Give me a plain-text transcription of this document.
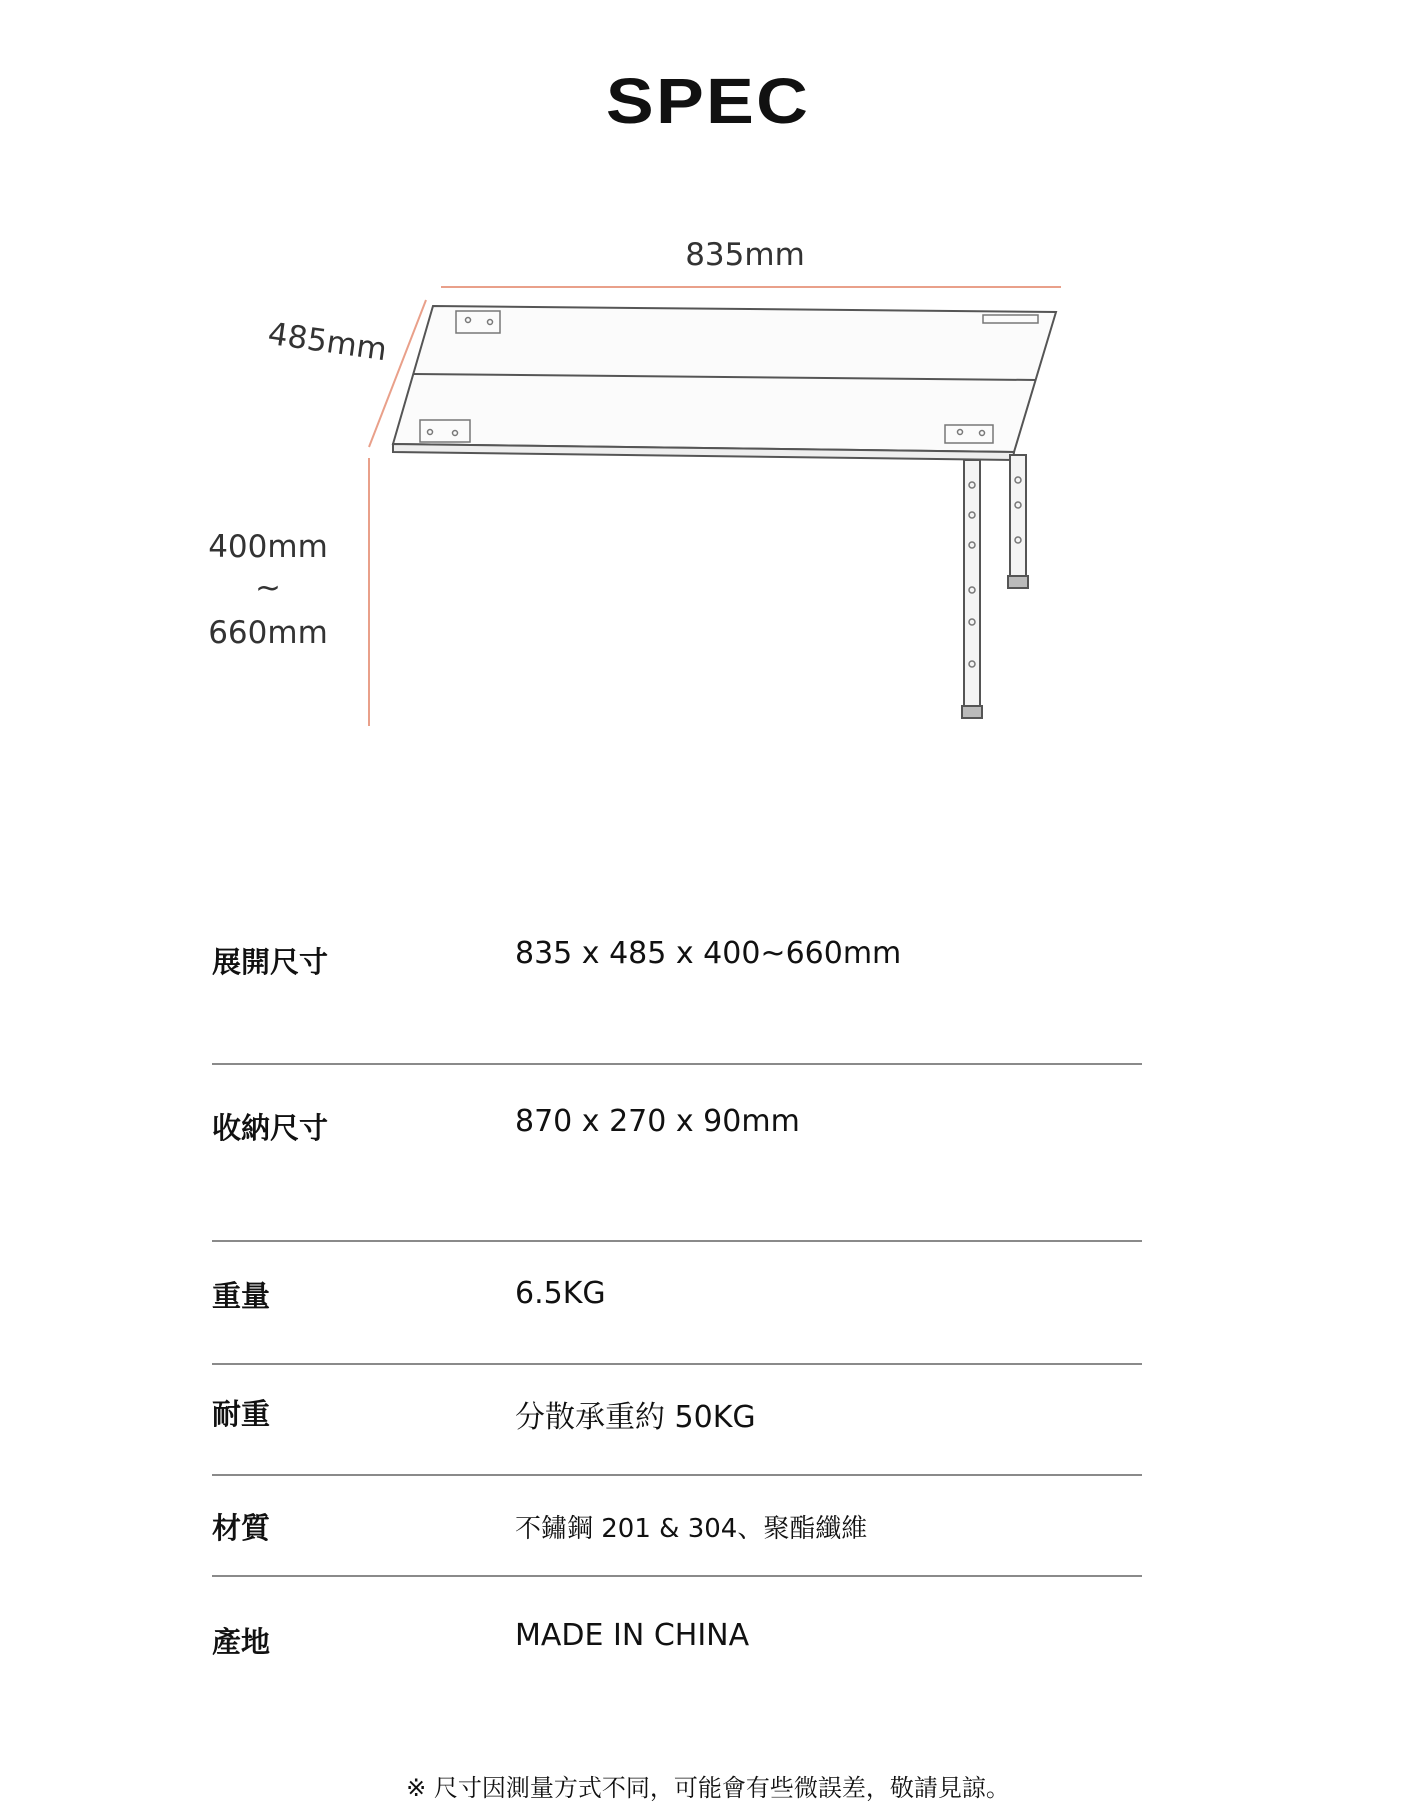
SPEC
835mm
485mm
400mm
~
660mm
展開尺寸	835 x 485 x 400~660mm
收納尺寸	870 x 270 x 90mm
重量	6.5KG
耐重	分散承重約 50KG
材質	不鏽鋼 201 & 304、聚酯纖維
產地	MADE IN CHINA
※ 尺寸因測量方式不同，可能會有些微誤差，敬請見諒。
